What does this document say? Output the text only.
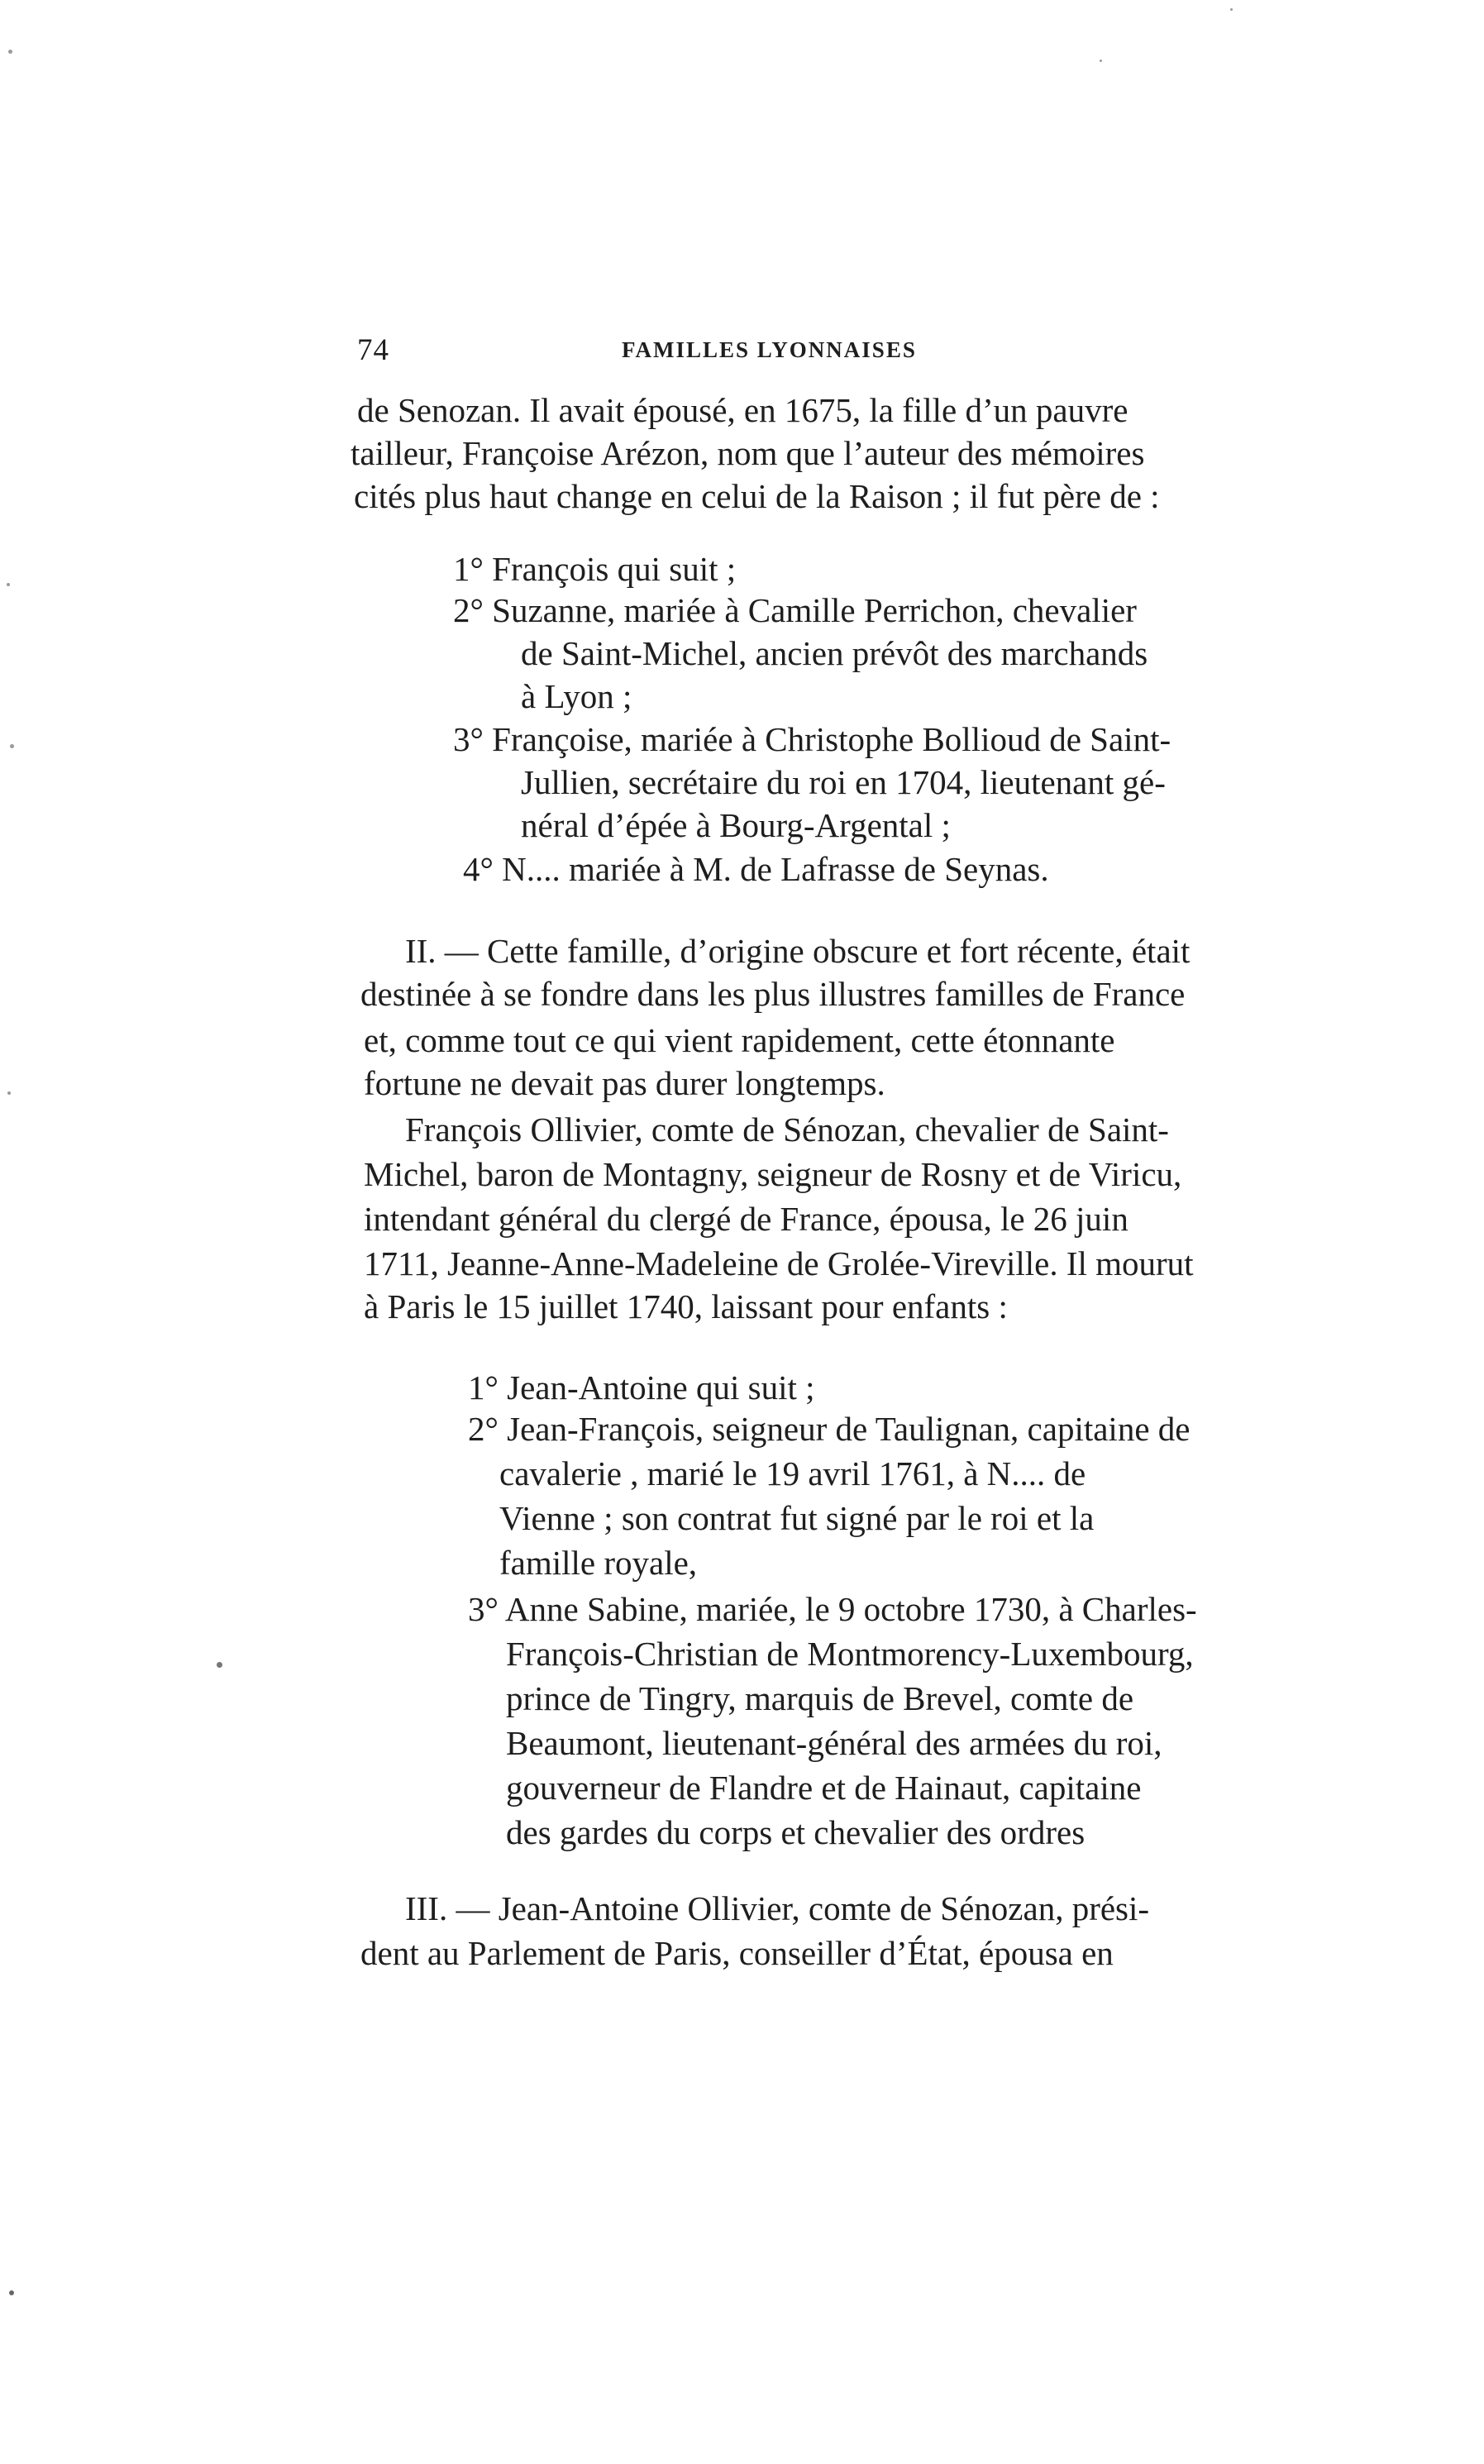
74	FAMILLES LYONNAISES
de Senozan. Il avait épousé, en 1675, la fille d’un pauvre
tailleur, Françoise Arézon, nom que l’auteur des mémoires
cités plus haut change en celui de la Raison ; il fut père de :
1° François qui suit ;
2° Suzanne, mariée à Camille Perrichon, chevalier
de Saint-Michel, ancien prévôt des marchands
à Lyon ;
3° Françoise, mariée à Christophe Bollioud de Saint-
Jullien, secrétaire du roi en 1704, lieutenant gé-
néral d’épée à Bourg-Argental ;
4° N.... mariée à M. de Lafrasse de Seynas.
II. — Cette famille, d’origine obscure et fort récente, était
destinée à se fondre dans les plus illustres familles de France
et, comme tout ce qui vient rapidement, cette étonnante
fortune ne devait pas durer longtemps.
François Ollivier, comte de Sénozan, chevalier de Saint-
Michel, baron de Montagny, seigneur de Rosny et de Viricu,
intendant général du clergé de France, épousa, le 26 juin
1711, Jeanne-Anne-Madeleine de Grolée-Vireville. Il mourut
à Paris le 15 juillet 1740, laissant pour enfants :
1° Jean-Antoine qui suit ;
2° Jean-François, seigneur de Taulignan, capitaine de
cavalerie , marié le 19 avril 1761, à N.... de
Vienne ; son contrat fut signé par le roi et la
famille royale,
3° Anne Sabine, mariée, le 9 octobre 1730, à Charles-
François-Christian de Montmorency-Luxembourg,
prince de Tingry, marquis de Brevel, comte de
Beaumont, lieutenant-général des armées du roi,
gouverneur de Flandre et de Hainaut, capitaine
des gardes du corps et chevalier des ordres
III. — Jean-Antoine Ollivier, comte de Sénozan, prési-
dent au Parlement de Paris, conseiller d’État, épousa en
